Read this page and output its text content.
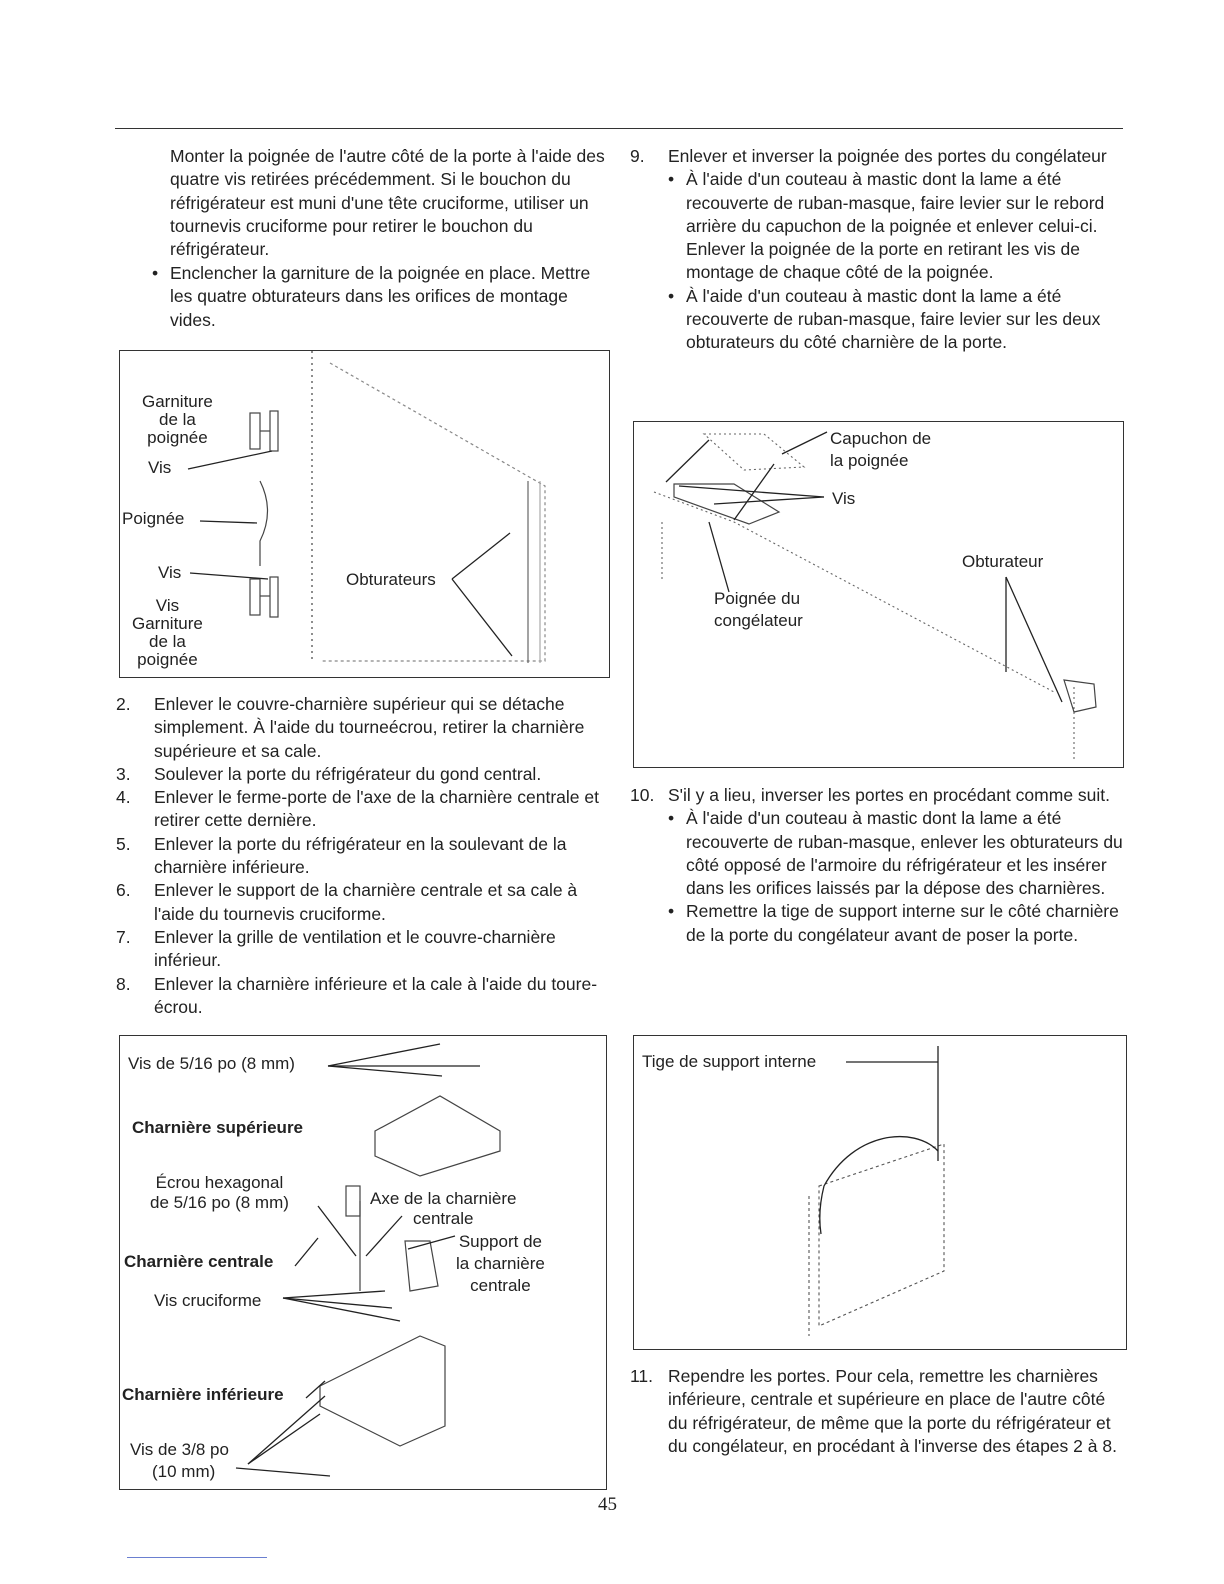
Monter la poignée de l'autre côté de la porte à l'aide des quatre vis retirées précédemment. Si le bouchon du réfrigérateur est muni d'une tête cruciforme, utiliser un tournevis cruciforme pour retirer le bouchon du réfrigérateur.

• Enclencher la garniture de la poignée en place. Mettre les quatre obturateurs dans les orifices de montage vides.

Garniture
de la
poignée
Vis
Poignée
Vis
Vis
Garniture
de la
poignée
Obturateurs

2. Enlever le couvre-charnière supérieur qui se détache simplement. À l'aide du tourneécrou, retirer la charnière supérieure et sa cale.

3. Soulever la porte du réfrigérateur du gond central.

4. Enlever le ferme-porte de l'axe de la charnière centrale et retirer cette dernière.

5. Enlever la porte du réfrigérateur en la soulevant de la charnière inférieure.

6. Enlever le support de la charnière centrale et sa cale à l'aide du tournevis cruciforme.

7. Enlever la grille de ventilation et le couvre-charnière inférieur.

8. Enlever la charnière inférieure et la cale à l'aide du toure-écrou.

Vis de 5/16 po (8 mm)
Charnière supérieure
Écrou hexagonal
de 5/16 po (8 mm)	Axe de la charnière
centrale
Support de
la charnière
centrale
Charnière centrale
Vis cruciforme
Charnière inférieure
Vis de 3/8 po
(10 mm)

9. Enlever et inverser la poignée des portes du congélateur

• À l'aide d'un couteau à mastic dont la lame a été recouverte de ruban-masque, faire levier sur le rebord arrière du capuchon de la poignée et enlever celui-ci. Enlever la poignée de la porte en retirant les vis de montage de chaque côté de la poignée.

• À l'aide d'un couteau à mastic dont la lame a été recouverte de ruban-masque, faire levier sur les deux obturateurs du côté charnière de la porte.

Capuchon de
la poignée
Vis
Obturateur
Poignée du
congélateur

10. S'il y a lieu, inverser les portes en procédant comme suit.

• À l'aide d'un couteau à mastic dont la lame a été recouverte de ruban-masque, enlever les obturateurs du côté opposé de l'armoire du réfrigérateur et les insérer dans les orifices laissés par la dépose des charnières.

• Remettre la tige de support interne sur le côté charnière de la porte du congélateur avant de poser la porte.

Tige de support interne

11. Rependre les portes. Pour cela, remettre les charnières inférieure, centrale et supérieure en place de l'autre côté du réfrigérateur, de même que la porte du réfrigérateur et du congélateur, en procédant à l'inverse des étapes 2 à 8.

45
